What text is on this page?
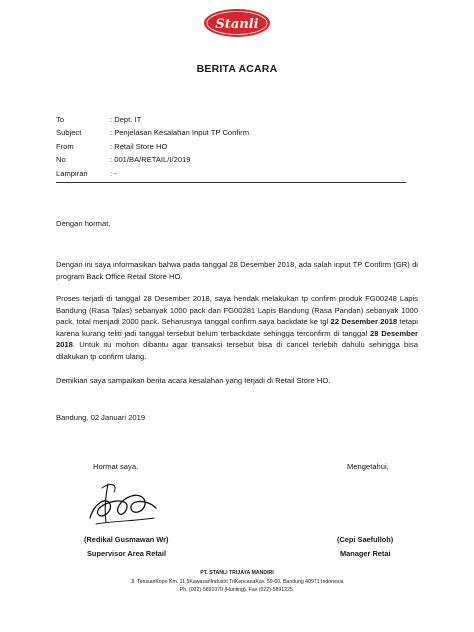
Stanli
BERITA ACARA
To	: Dept. IT
Subject	: Penjelasan Kesalahan Input TP Confirm
From	: Retail Store HO
No	: 001/BA/RETAIL/I/2019
Lampiran	: -
Dengan hormat,
Dengan ini saya informasikan bahwa pada tanggal 28 Desember 2018, ada salah input TP Confirm (GR) di program Back Office Retail Store HO.
Proses terjadi di tanggal 28 Desember 2018, saya hendak melakukan tp confirm produk FG00248 Lapis Bandung (Rasa Talas) sebanyak 1000 pack dan FG00281 Lapis Bandung (Rasa Pandan) sebanyak 1000 pack, total menjadi 2000 pack. Seharusnya tanggal confirm saya backdate ke tgl 22 Desember 2018 tetapi karena kurang teliti jadi tanggal tersebut belum terbackdate sehingga terconfirm di tanggal 28 Desember 2018. Untuk itu mohon dibantu agar transaksi tersebut bisa di cancel terlebih dahulu sehingga bisa dilakukan tp confirm ulang.
Demikian saya sampaikan berita acara kesalahan yang terjadi di Retail Store HO.
Bandung, 02 Januari 2019
Hormat saya,	Mengetahui,
(Redikal Gusmawan Wr)
Supervisor Area Retail
(Cepi Saefulloh)
Manager Retai
PT. STANLI TRIJAYA MANDIRI
Jl. TerusanKopo Km. 11,5KawasanIndustri TriKencanaKav. 59-60, Bandung 40971 Indonesia
Ph. (022)-5891070 (Hunting). Fax (022)-5891225.
